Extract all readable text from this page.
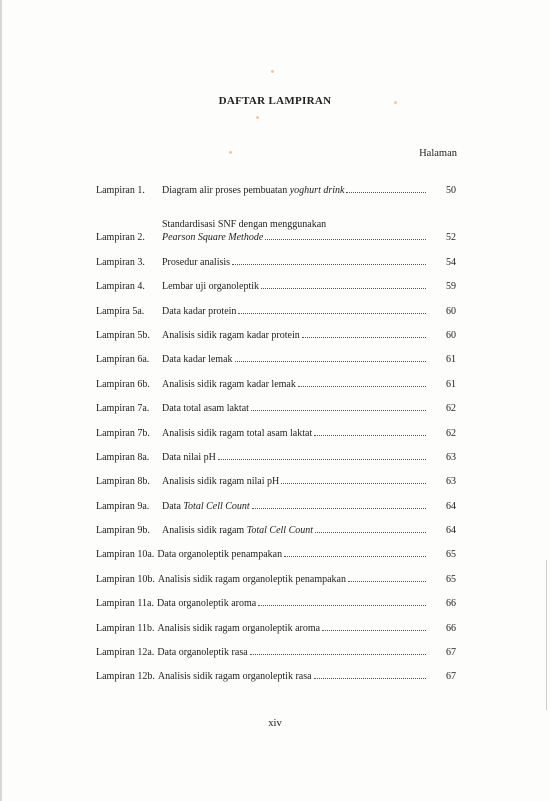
DAFTAR LAMPIRAN
Halaman
Lampiran 1.	Diagram alir proses pembuatan yoghurt drink	50
Lampiran 2.
Standardisasi SNF dengan menggunakan
Pearson Square Methode	52
Lampiran 3.	Prosedur analisis	54
Lampiran 4.	Lembar uji organoleptik	59
Lampira 5a.	Data kadar protein	60
Lampiran 5b.	Analisis sidik ragam kadar protein	60
Lampiran 6a.	Data kadar lemak	61
Lampiran 6b.	Analisis sidik ragam kadar lemak	61
Lampiran 7a.	Data total asam laktat	62
Lampiran 7b.	Analisis sidik ragam total asam laktat	62
Lampiran 8a.	Data nilai pH	63
Lampiran 8b.	Analisis sidik ragam nilai pH	63
Lampiran 9a.	Data Total Cell Count	64
Lampiran 9b.	Analisis sidik ragam Total Cell Count	64
Lampiran 10a. Data organoleptik penampakan	65
Lampiran 10b. Analisis sidik ragam organoleptik penampakan	65
Lampiran 11a. Data organoleptik aroma	66
Lampiran 11b. Analisis sidik ragam organoleptik aroma	66
Lampiran 12a. Data organoleptik rasa	67
Lampiran 12b. Analisis sidik ragam organoleptik rasa	67
xiv
